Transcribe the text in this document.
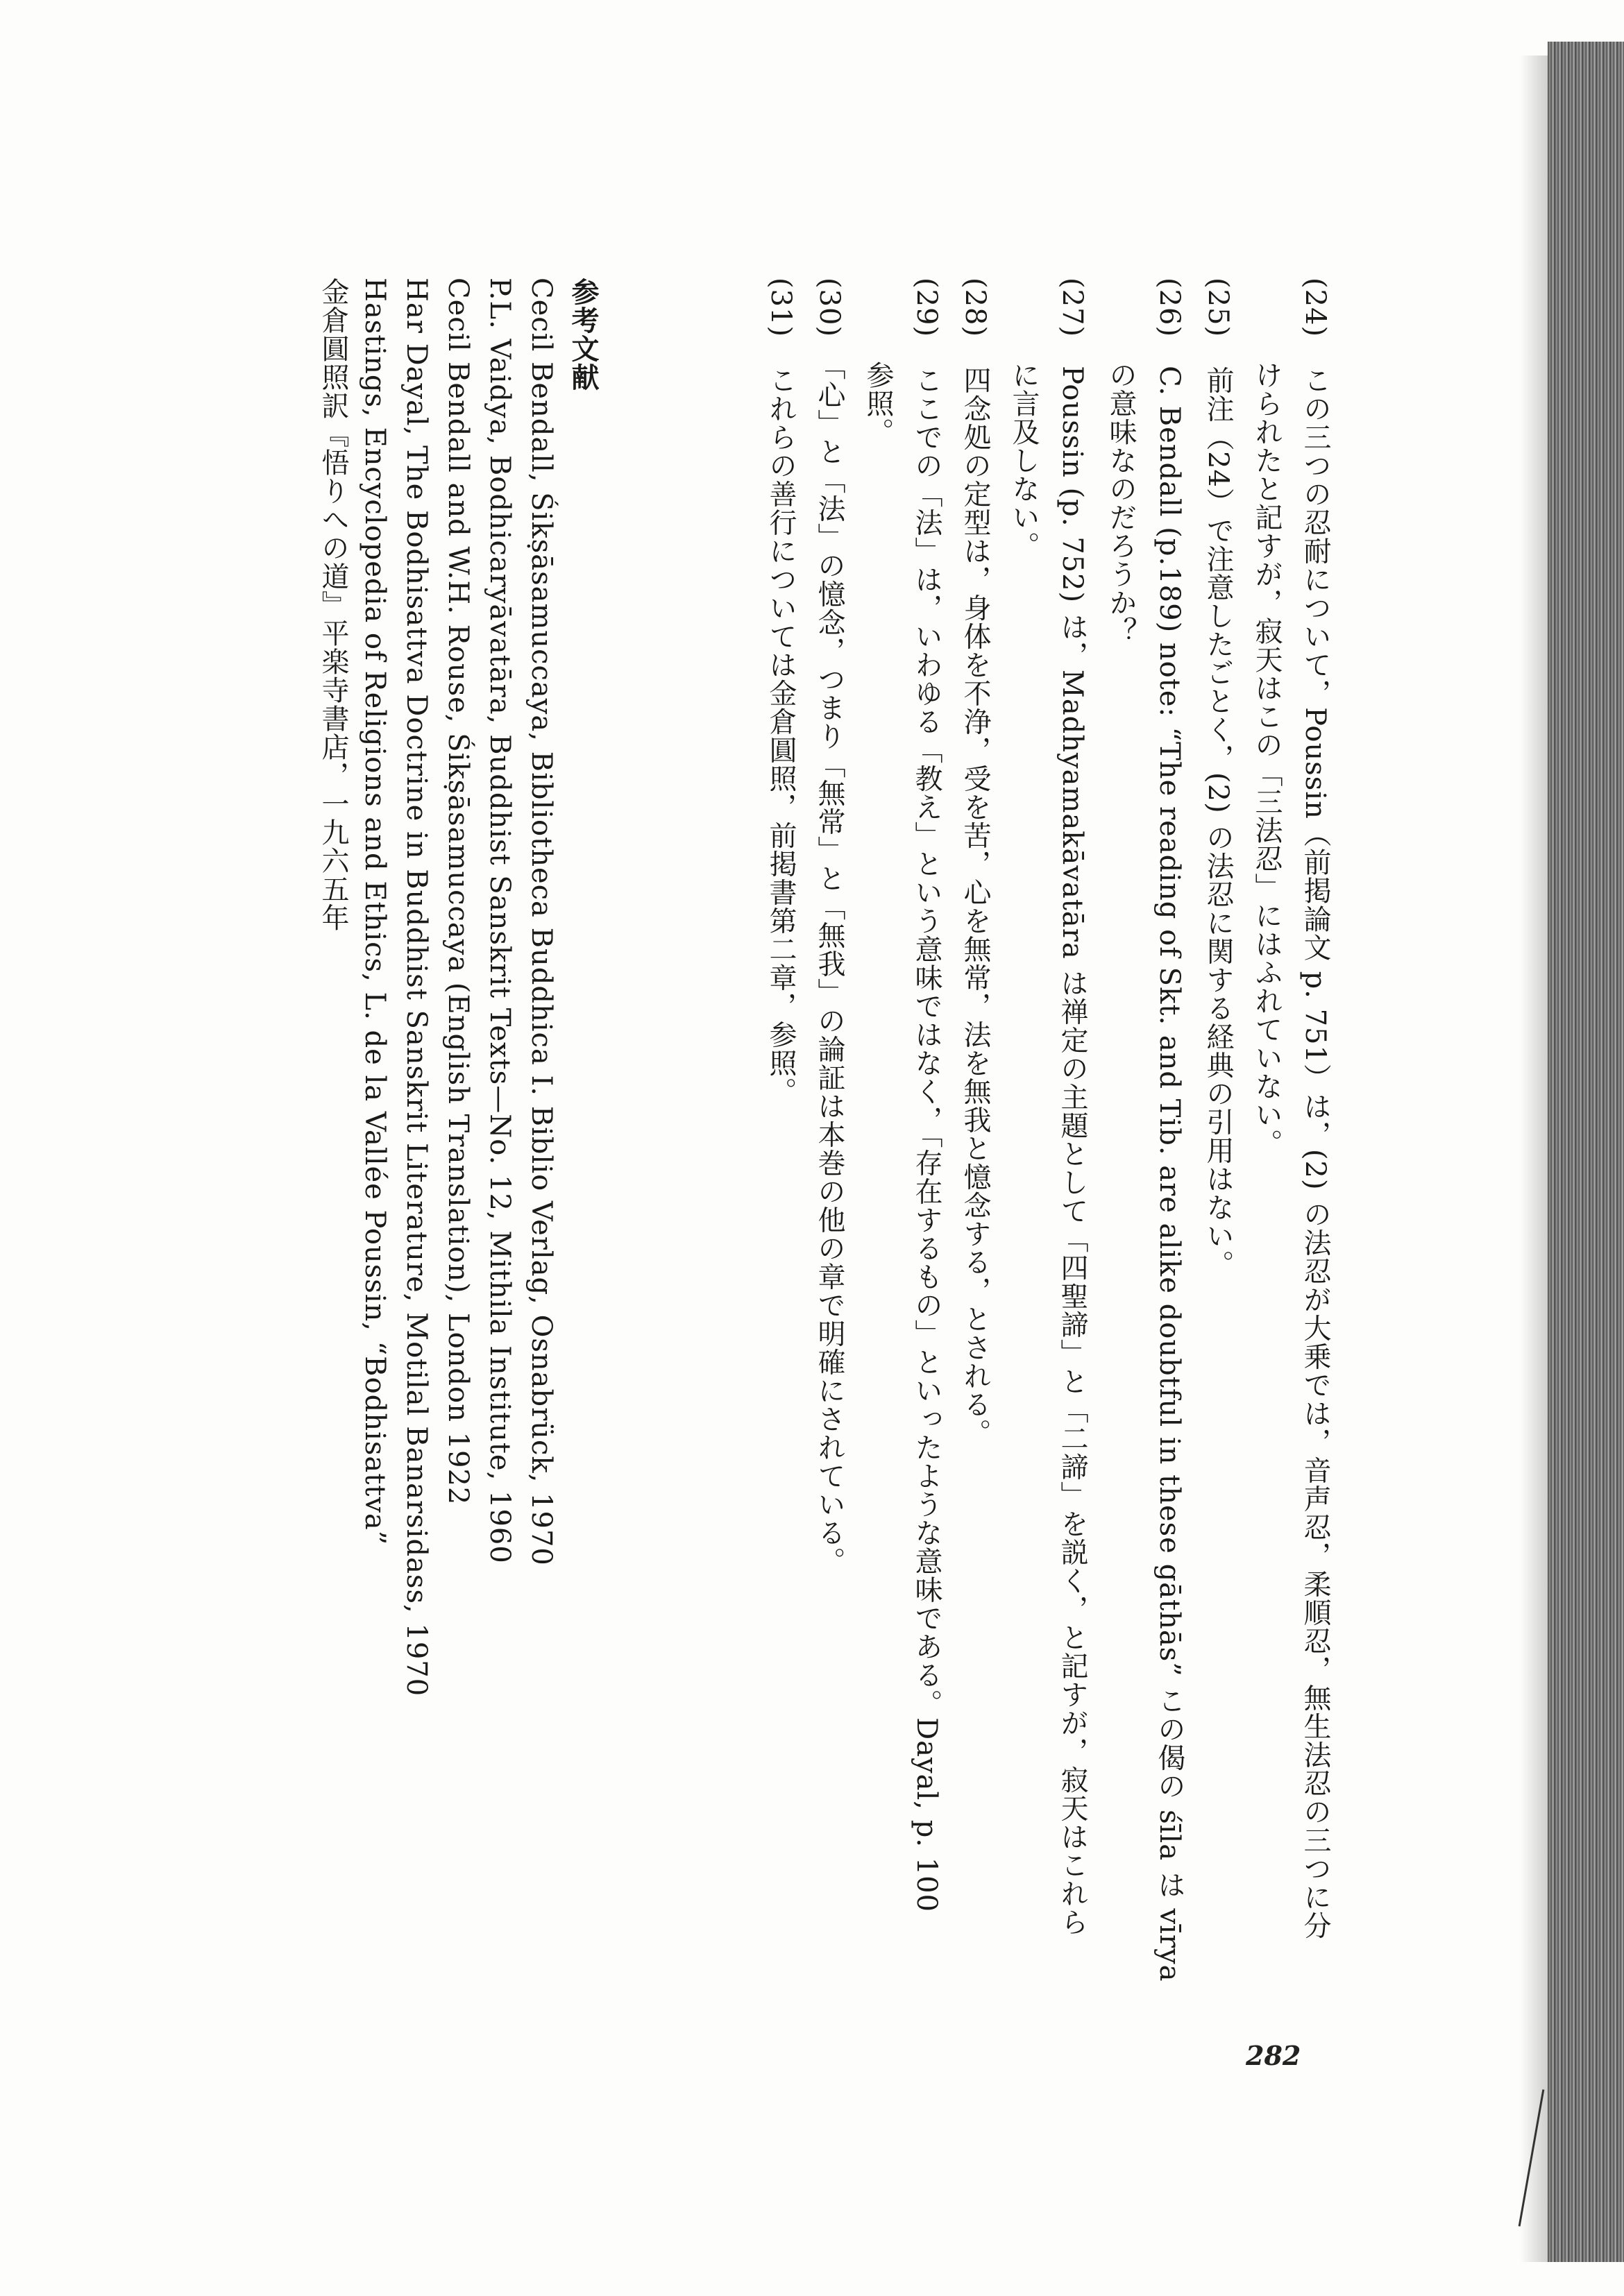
(24)　この三つの忍耐について，Poussin（前掲論文 p. 751）は，(2) の法忍が大乗では，音声忍，柔順忍，無生法忍の三つに分
けられたと記すが，寂天はこの「三法忍」にはふれていない。
(25)　前注（24）で注意したごとく，(2) の法忍に関する経典の引用はない。
(26)　C. Bendall (p.189) note: “The reading of Skt. and Tib. are alike doubtful in these gāthās” この偈の śīla は vīrya
の意味なのだろうか？
(27)　Poussin (p. 752) は，Madhyamakāvatāra は禅定の主題として「四聖諦」と「二諦」を説く，と記すが，寂天はこれら
に言及しない。
(28)　四念処の定型は，身体を不浄，受を苦，心を無常，法を無我と憶念する，とされる。
(29)　ここでの「法」は，いわゆる「教え」という意味ではなく，「存在するもの」といったような意味である。Dayal, p. 100
参照。
(30)　「心」と「法」の憶念，つまり「無常」と「無我」の論証は本巻の他の章で明確にされている。
(31)　これらの善行については金倉圓照，前掲書第二章，参照。
参考文献
Cecil Bendall, Śikṣāsamuccaya, Bibliotheca Buddhica I. Biblio Verlag, Osnabrück, 1970
P.L. Vaidya, Bodhicaryāvatāra, Buddhist Sanskrit Texts—No. 12, Mithila Institute, 1960
Cecil Bendall and W.H. Rouse, Śikṣāsamuccaya (English Translation), London 1922
Har Dayal, The Bodhisattva Doctrine in Buddhist Sanskrit Literature, Motilal Banarsidass, 1970
Hastings, Encyclopedia of Religions and Ethics, L. de la Vallée Poussin, “Bodhisattva”
金倉圓照訳『悟りへの道』平楽寺書店，一九六五年
282
